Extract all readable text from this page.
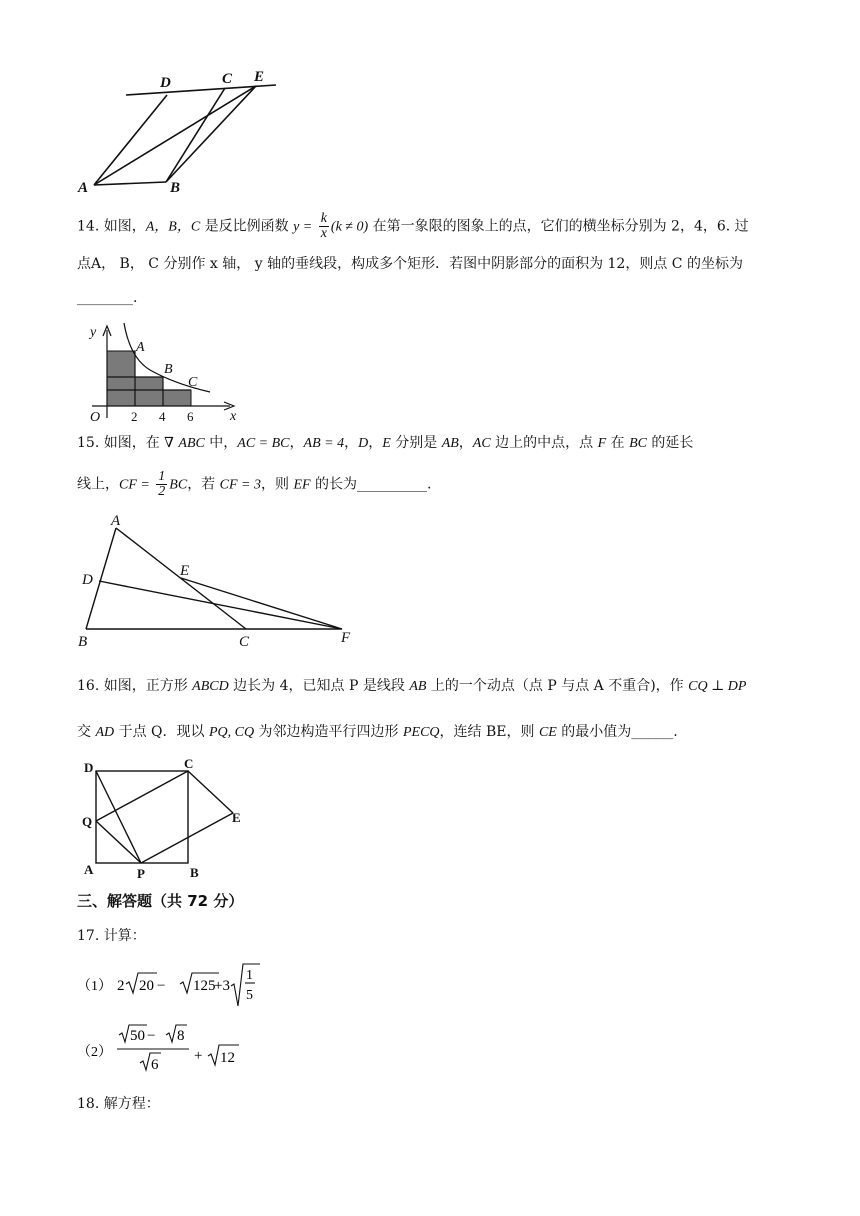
D	C E
A	B
14. 如图，A，B，C 是反比例函数 $y = \frac{k}{x} (k \ne 0)$ 在第一象限的图象上的点，它们的横坐标分别为 2，4，6. 过
点A， B， C 分别作 x 轴， y 轴的垂线段，构成多个矩形．若图中阴影部分的面积为 12，则点 C 的坐标为
________.
y
x
O
A
B
C
2 4 6
15. 如图，在 ∇ ABC 中，AC = BC，AB = 4，D，E 分别是 AB，AC 边上的中点，点 F 在 BC 的延长
线上，CF = $\frac{1}{2}$ BC，若 CF = 3，则 EF 的长为__________.
A
D
E
B	C	F
16. 如图，正方形 ABCD 边长为 4，已知点 P 是线段 AB 上的一个动点（点 P 与点 A 不重合)，作 CQ ⊥ DP
交 AD 于点 Q．现以 PQ, CQ 为邻边构造平行四边形 PECQ，连结 BE，则 CE 的最小值为______.
D	C
Q	E
A	P	B
三、解答题（共 72 分）
17. 计算：
（1） 2 20 − 125
+3
1
5
（2）
50 − 8
6
+ 12
18. 解方程：
